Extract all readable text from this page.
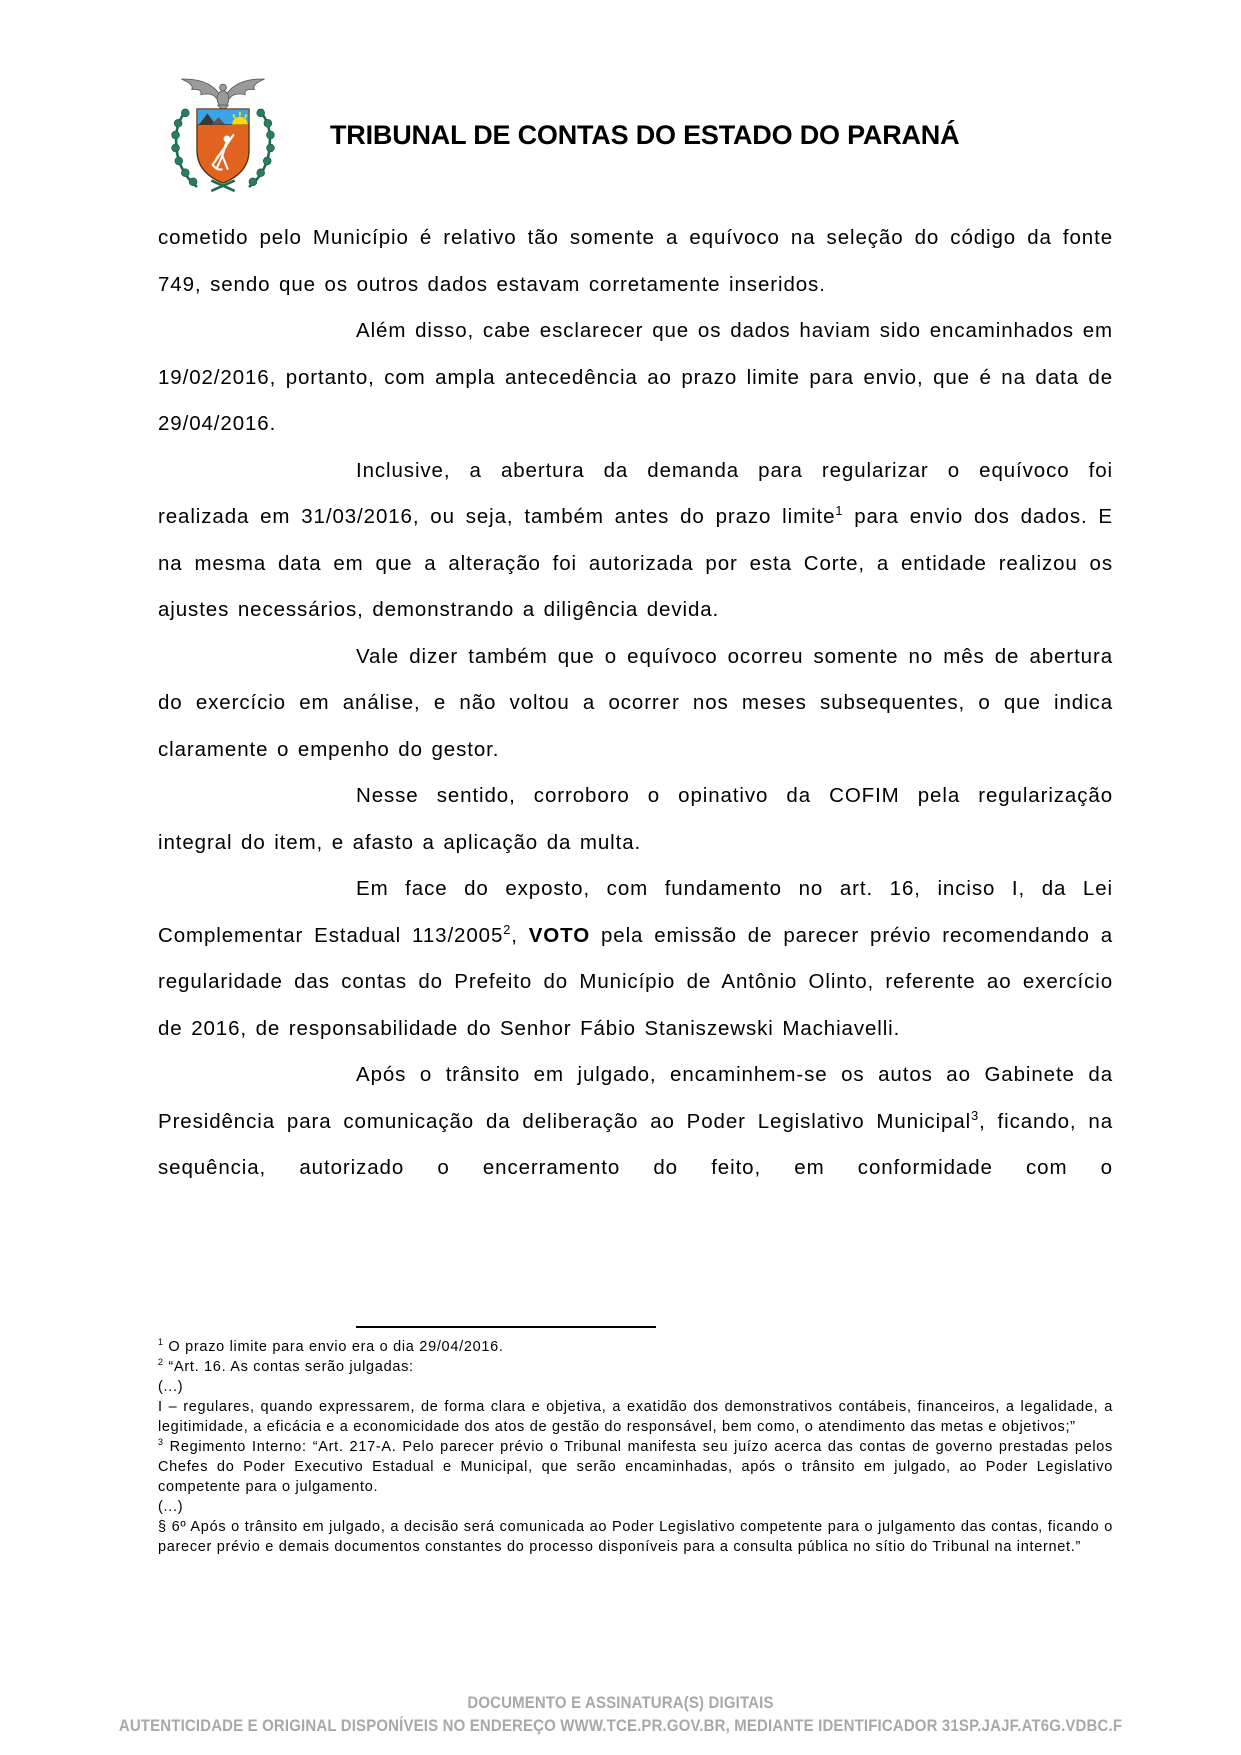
TRIBUNAL DE CONTAS DO ESTADO DO PARANÁ

cometido pelo Município é relativo tão somente a equívoco na seleção do código da fonte 749, sendo que os outros dados estavam corretamente inseridos.

Além disso, cabe esclarecer que os dados haviam sido encaminhados em 19/02/2016, portanto, com ampla antecedência ao prazo limite para envio, que é na data de 29/04/2016.

Inclusive, a abertura da demanda para regularizar o equívoco foi realizada em 31/03/2016, ou seja, também antes do prazo limite$^1$ para envio dos dados. E na mesma data em que a alteração foi autorizada por esta Corte, a entidade realizou os ajustes necessários, demonstrando a diligência devida.

Vale dizer também que o equívoco ocorreu somente no mês de abertura do exercício em análise, e não voltou a ocorrer nos meses subsequentes, o que indica claramente o empenho do gestor.

Nesse sentido, corroboro o opinativo da COFIM pela regularização integral do item, e afasto a aplicação da multa.

Em face do exposto, com fundamento no art. 16, inciso I, da Lei Complementar Estadual 113/2005$^2$, VOTO pela emissão de parecer prévio recomendando a regularidade das contas do Prefeito do Município de Antônio Olinto, referente ao exercício de 2016, de responsabilidade do Senhor Fábio Staniszewski Machiavelli.

Após o trânsito em julgado, encaminhem-se os autos ao Gabinete da Presidência para comunicação da deliberação ao Poder Legislativo Municipal$^3$, ficando, na sequência, autorizado o encerramento do feito, em conformidade com o

$^1$ O prazo limite para envio era o dia 29/04/2016.
$^2$ “Art. 16. As contas serão julgadas:
(...)
I – regulares, quando expressarem, de forma clara e objetiva, a exatidão dos demonstrativos contábeis, financeiros, a legalidade, a legitimidade, a eficácia e a economicidade dos atos de gestão do responsável, bem como, o atendimento das metas e objetivos;”
$^3$ Regimento Interno: “Art. 217-A. Pelo parecer prévio o Tribunal manifesta seu juízo acerca das contas de governo prestadas pelos Chefes do Poder Executivo Estadual e Municipal, que serão encaminhadas, após o trânsito em julgado, ao Poder Legislativo competente para o julgamento.
(...)
§ 6º Após o trânsito em julgado, a decisão será comunicada ao Poder Legislativo competente para o julgamento das contas, ficando o parecer prévio e demais documentos constantes do processo disponíveis para a consulta pública no sítio do Tribunal na internet.”
DOCUMENTO E ASSINATURA(S) DIGITAIS
AUTENTICIDADE E ORIGINAL DISPONÍVEIS NO ENDEREÇO WWW.TCE.PR.GOV.BR, MEDIANTE IDENTIFICADOR 31SP.JAJF.AT6G.VDBC.F
